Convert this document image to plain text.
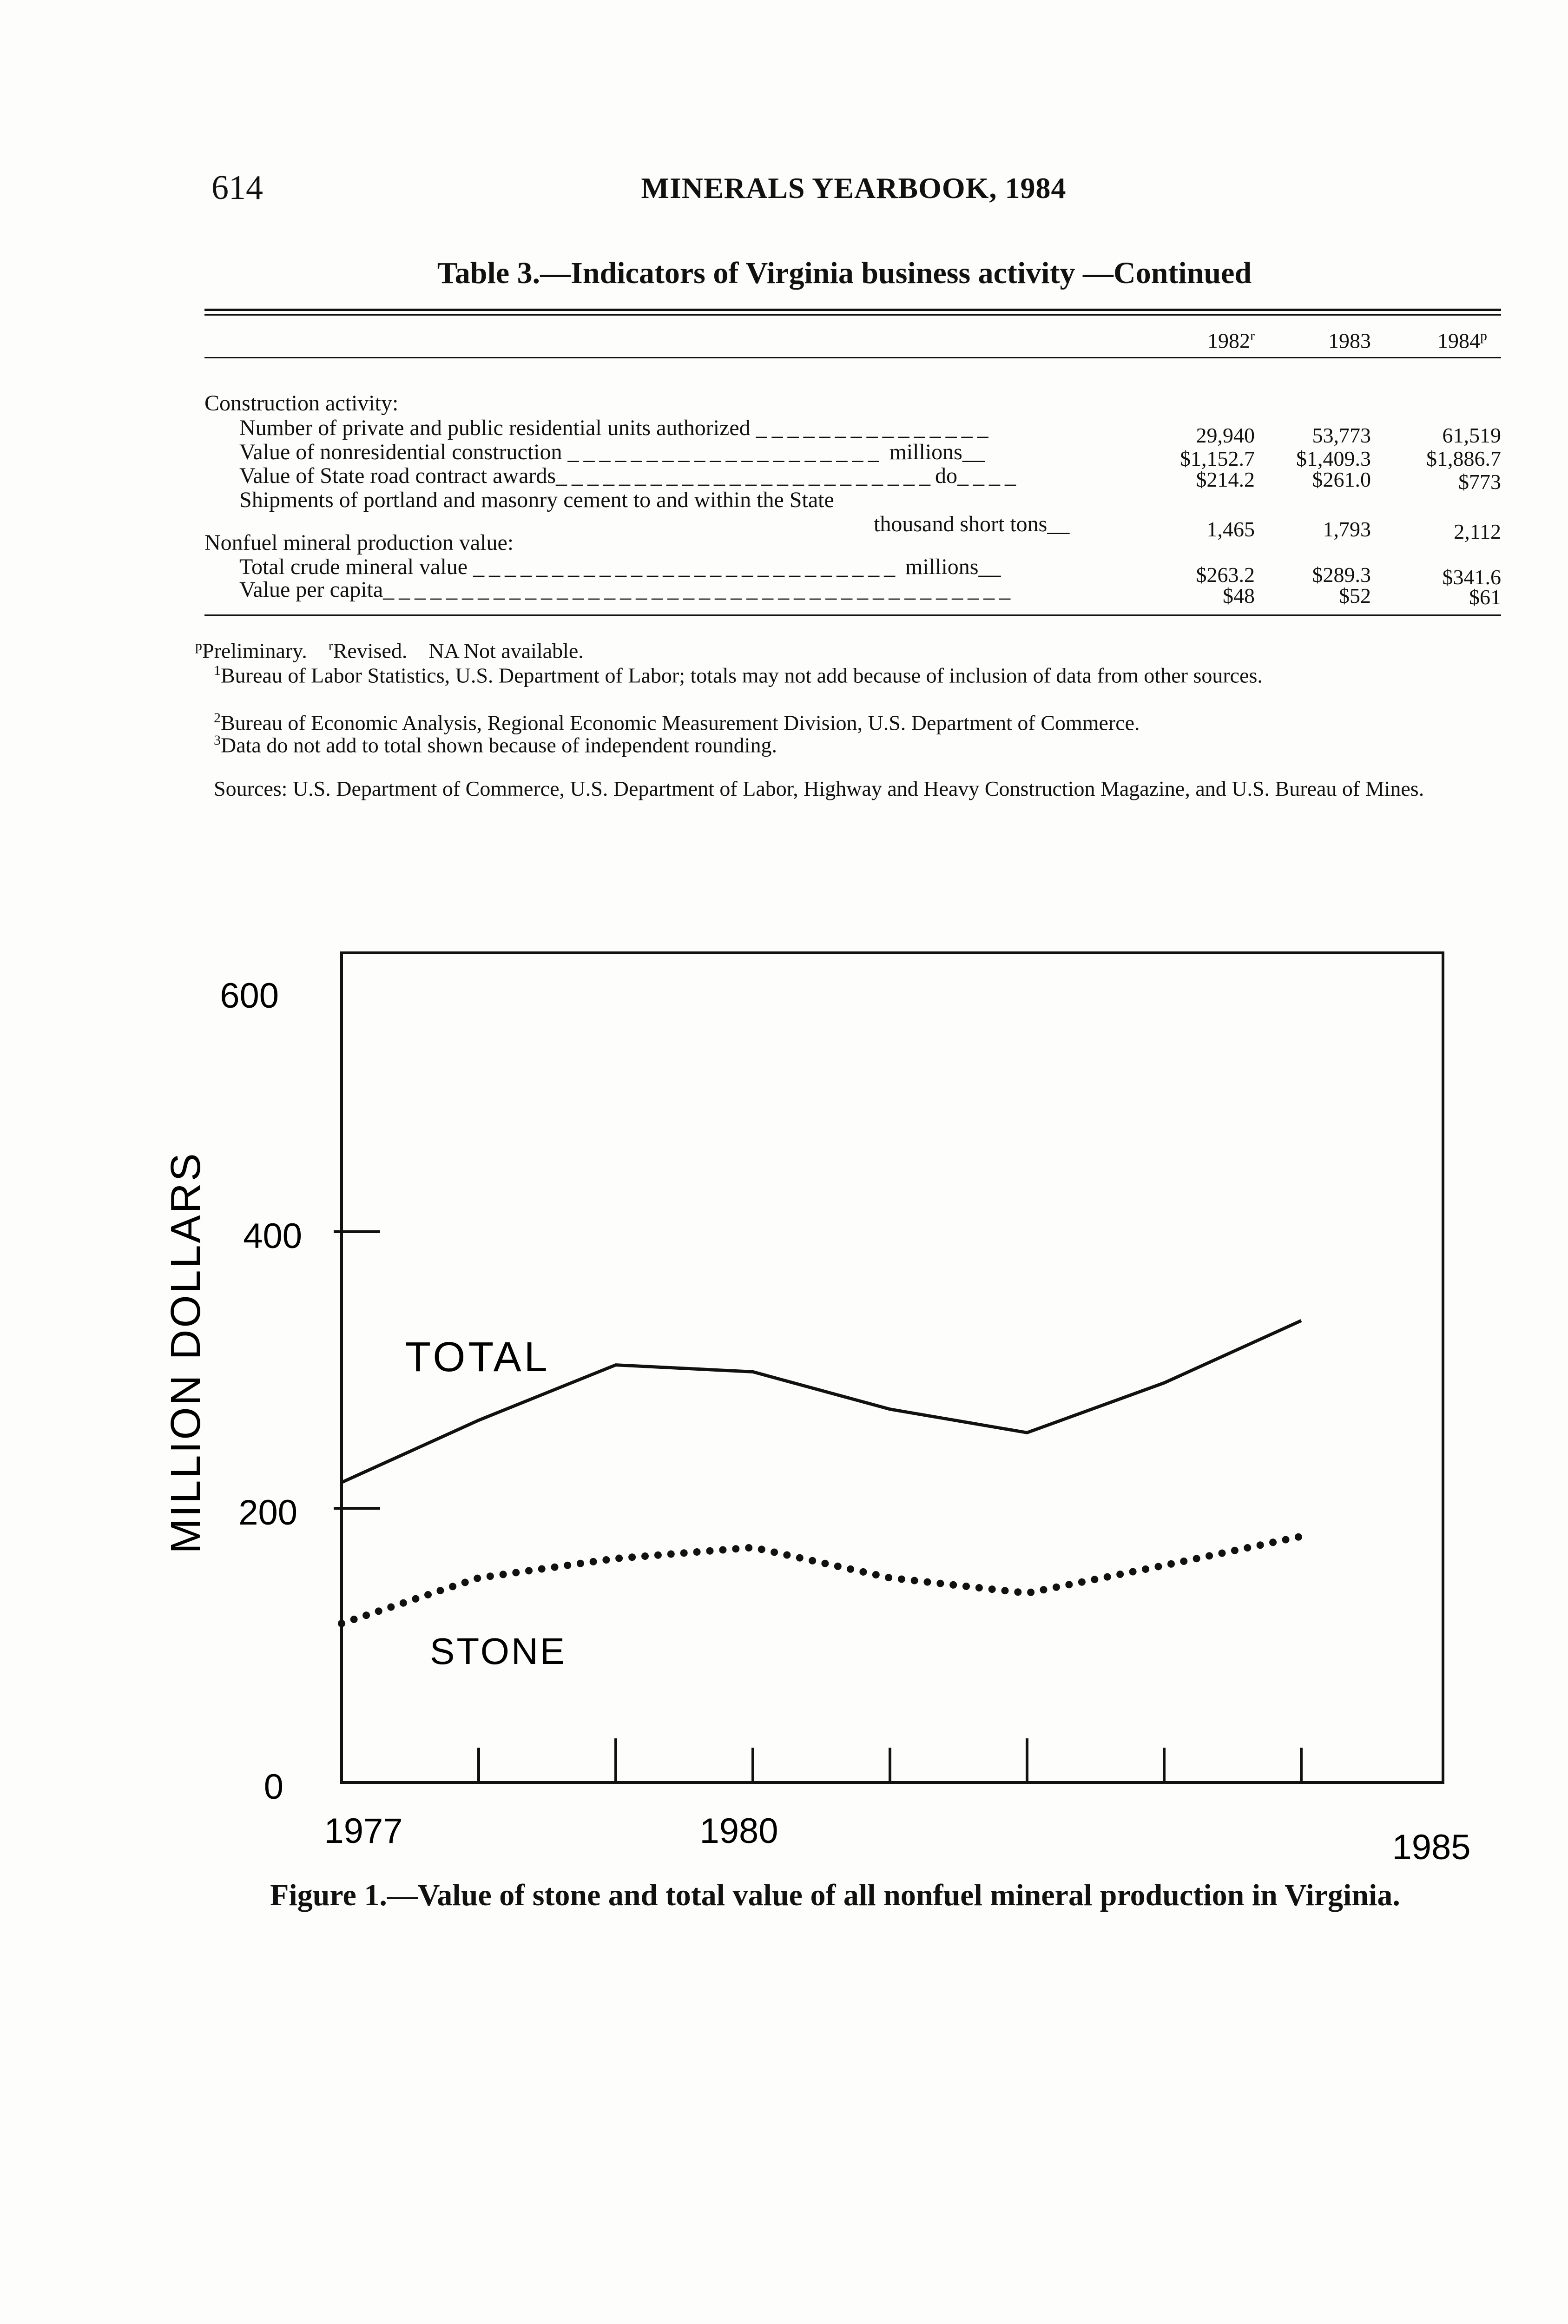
614	MINERALS YEARBOOK, 1984
Table 3.—Indicators of Virginia business activity —Continued
1982$^r$	1983	1984$^p$
Construction activity:
Number of private and public residential units authorized _______________	29,940	53,773	61,519
Value of nonresidential construction ____________________ millions__	$1,152.7	$1,409.3	$1,886.7
Value of State road contract awards________________________do____	$214.2	$261.0	$773
Shipments of portland and masonry cement to and within the State
thousand short tons__	1,465	1,793	2,112
Nonfuel mineral production value:
Total crude mineral value ___________________________ millions__	$263.2	$289.3	$341.6
Value per capita________________________________________	$48	$52	$61
$^p$Preliminary. $^r$Revised. NA Not available.
$^1$Bureau of Labor Statistics, U.S. Department of Labor; totals may not add because of inclusion of data from other sources.
$^2$Bureau of Economic Analysis, Regional Economic Measurement Division, U.S. Department of Commerce.
$^3$Data do not add to total shown because of independent rounding.
Sources: U.S. Department of Commerce, U.S. Department of Labor, Highway and Heavy Construction Magazine, and U.S. Bureau of Mines.
600
400
200
0
1977	1980	1985
MILLION DOLLARS	TOTAL
STONE
Figure 1.—Value of stone and total value of all nonfuel mineral production in Virginia.
